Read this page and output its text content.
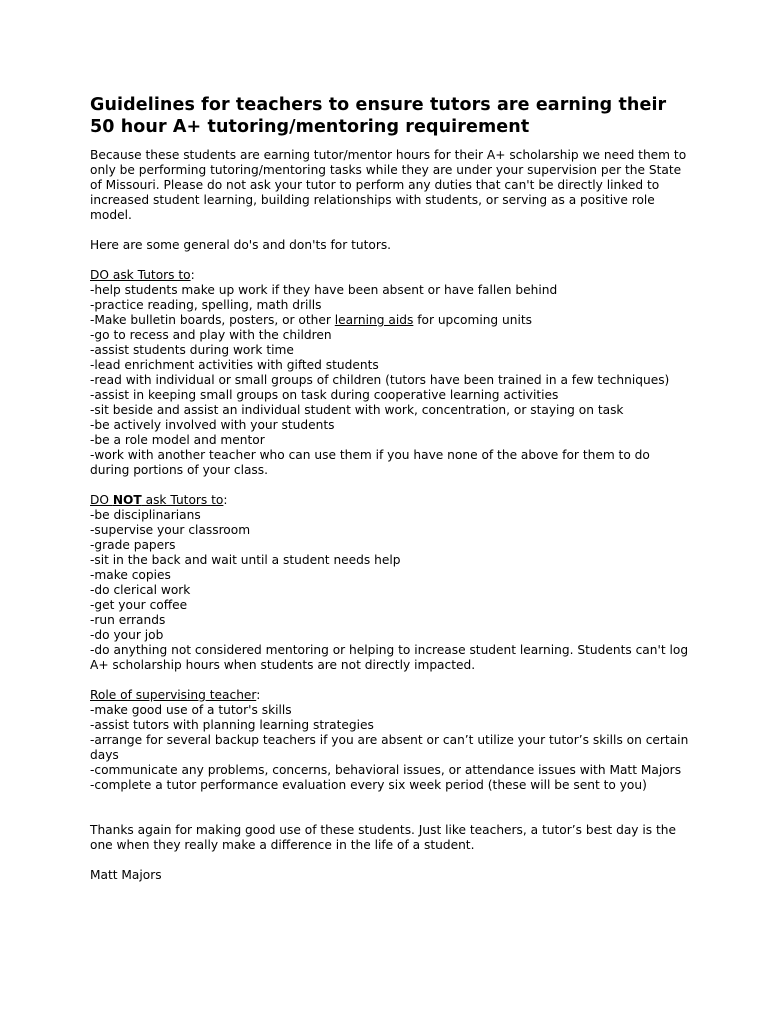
Guidelines for teachers to ensure tutors are earning their 50 hour A+ tutoring/mentoring requirement

Because these students are earning tutor/mentor hours for their A+ scholarship we need them to only be performing tutoring/mentoring tasks while they are under your supervision per the State of Missouri. Please do not ask your tutor to perform any duties that can't be directly linked to increased student learning, building relationships with students, or serving as a positive role model.

Here are some general do's and don'ts for tutors.

DO ask Tutors to:

-help students make up work if they have been absent or have fallen behind
-practice reading, spelling, math drills
-Make bulletin boards, posters, or other learning aids for upcoming units
-go to recess and play with the children
-assist students during work time
-lead enrichment activities with gifted students
-read with individual or small groups of children (tutors have been trained in a few techniques)
-assist in keeping small groups on task during cooperative learning activities
-sit beside and assist an individual student with work, concentration, or staying on task
-be actively involved with your students
-be a role model and mentor
-work with another teacher who can use them if you have none of the above for them to do during portions of your class.

DO NOT ask Tutors to:

-be disciplinarians
-supervise your classroom
-grade papers
-sit in the back and wait until a student needs help
-make copies
-do clerical work
-get your coffee
-run errands
-do your job
-do anything not considered mentoring or helping to increase student learning. Students can't log A+ scholarship hours when students are not directly impacted.

Role of supervising teacher:

-make good use of a tutor's skills
-assist tutors with planning learning strategies
-arrange for several backup teachers if you are absent or can’t utilize your tutor’s skills on certain days
-communicate any problems, concerns, behavioral issues, or attendance issues with Matt Majors
-complete a tutor performance evaluation every six week period (these will be sent to you)

Thanks again for making good use of these students. Just like teachers, a tutor’s best day is the one when they really make a difference in the life of a student.

Matt Majors
